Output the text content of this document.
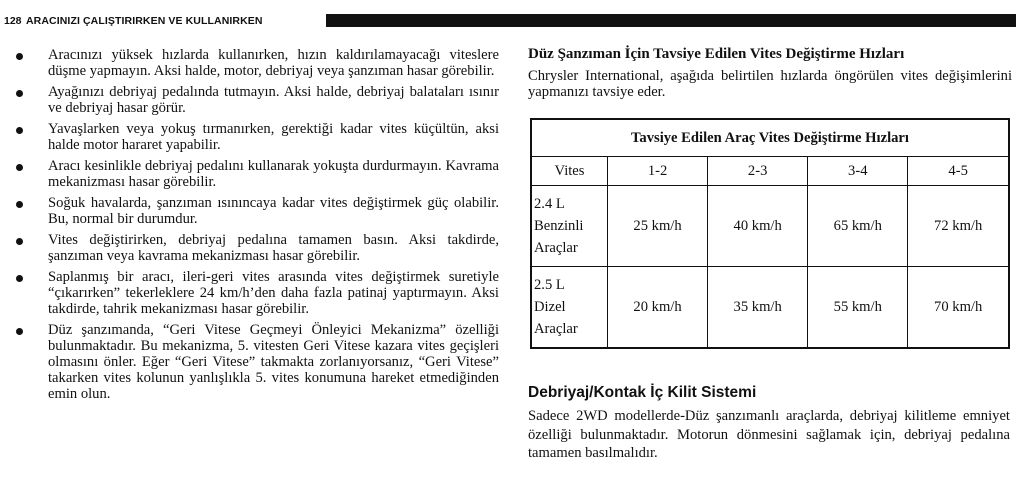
128 ARACINIZI ÇALIŞTIRIRKEN VE KULLANIRKEN
Aracınızı yüksek hızlarda kullanırken, hızın kaldırılamayacağı viteslere düşme yapmayın. Aksi halde, motor, debriyaj veya şanzıman hasar görebilir.
Ayağınızı debriyaj pedalında tutmayın. Aksi halde, debriyaj balataları ısınır ve debriyaj hasar görür.
Yavaşlarken veya yokuş tırmanırken, gerektiği kadar vites küçültün, aksi halde motor hararet yapabilir.
Aracı kesinlikle debriyaj pedalını kullanarak yokuşta durdurmayın. Kavrama mekanizması hasar görebilir.
Soğuk havalarda, şanzıman ısınıncaya kadar vites değiştirmek güç olabilir. Bu, normal bir durumdur.
Vites değiştirirken, debriyaj pedalına tamamen basın. Aksi takdirde, şanzıman veya kavrama mekanizması hasar görebilir.
Saplanmış bir aracı, ileri-geri vites arasında vites değiştirmek suretiyle “çıkarırken” tekerleklere 24 km/h’den daha fazla patinaj yaptırmayın. Aksi takdirde, tahrik mekanizması hasar görebilir.
Düz şanzımanda, “Geri Vitese Geçmeyi Önleyici Mekanizma” özelliği bulunmaktadır. Bu mekanizma, 5. vitesten Geri Vitese kazara vites geçişleri olmasını önler. Eğer “Geri Vitese” takmakta zorlanıyorsanız, “Geri Vitese” takarken vites kolunun yanlışlıkla 5. vites konumuna hareket etmediğinden emin olun.
Düz Şanzıman İçin Tavsiye Edilen Vites Değiştirme Hızları
Chrysler International, aşağıda belirtilen hızlarda öngörülen vites değişimlerini yapmanızı tavsiye eder.
Tavsiye Edilen Araç Vites Değiştirme Hızları				
Vites	1-2	2-3	3-4	4-5

2.4 L
Benzinli
Araçlar	25 km/h	40 km/h	65 km/h	72 km/h

2.5 L
Dizel
Araçlar	20 km/h	35 km/h	55 km/h	70 km/h
Debriyaj/Kontak İç Kilit Sistemi
Sadece 2WD modellerde-Düz şanzımanlı araçlarda, debriyaj kilitleme emniyet özelliği bulunmaktadır. Motorun dönmesini sağlamak için, debriyaj pedalına tamamen basılmalıdır.
